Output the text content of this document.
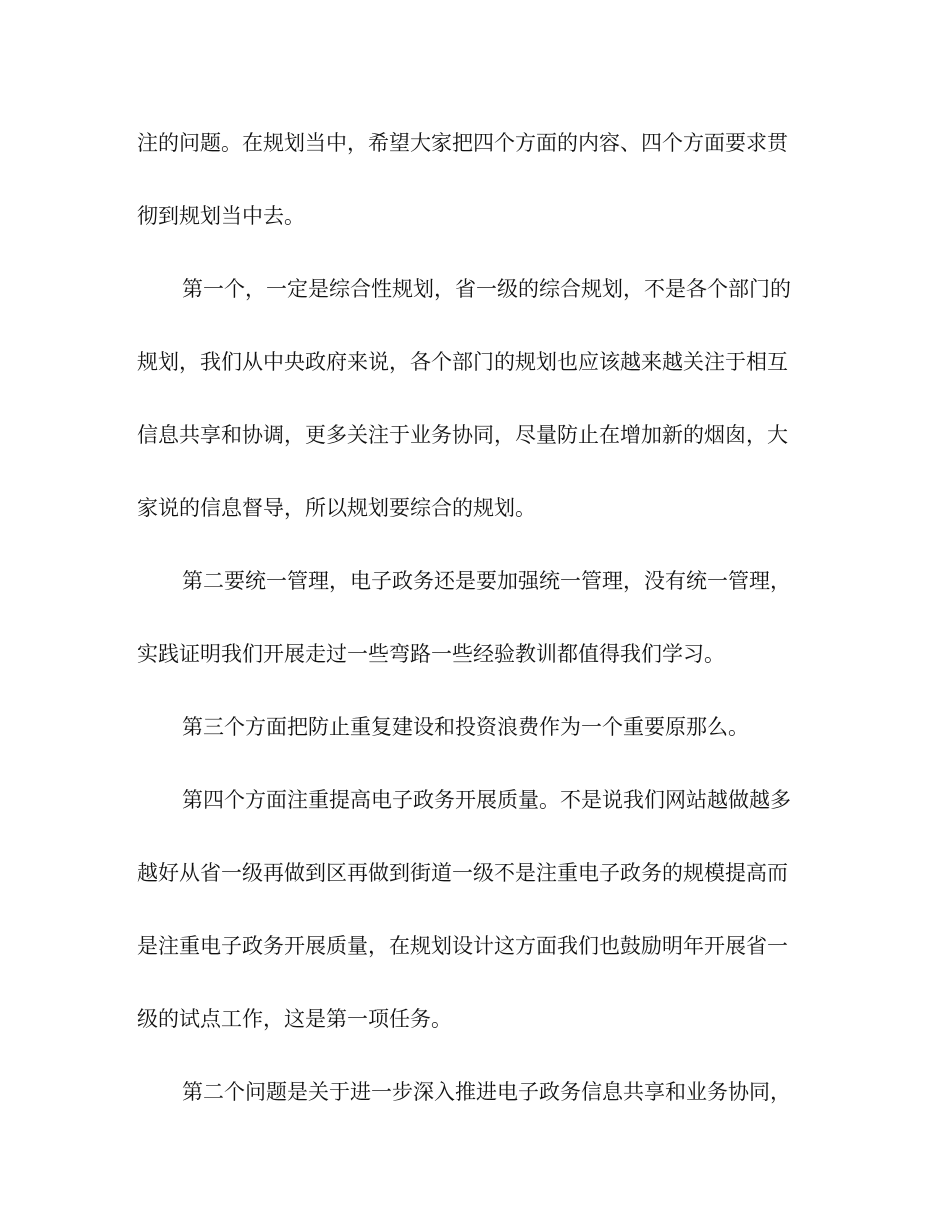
注的问题。在规划当中，希望大家把四个方面的内容、四个方面要求贯
彻到规划当中去。
第一个，一定是综合性规划，省一级的综合规划，不是各个部门的
规划，我们从中央政府来说，各个部门的规划也应该越来越关注于相互
信息共享和协调，更多关注于业务协同，尽量防止在增加新的烟囱，大
家说的信息督导，所以规划要综合的规划。
第二要统一管理，电子政务还是要加强统一管理，没有统一管理，
实践证明我们开展走过一些弯路一些经验教训都值得我们学习。
第三个方面把防止重复建设和投资浪费作为一个重要原那么。
第四个方面注重提高电子政务开展质量。不是说我们网站越做越多
越好从省一级再做到区再做到街道一级不是注重电子政务的规模提高而
是注重电子政务开展质量，在规划设计这方面我们也鼓励明年开展省一
级的试点工作，这是第一项任务。
第二个问题是关于进一步深入推进电子政务信息共享和业务协同，
